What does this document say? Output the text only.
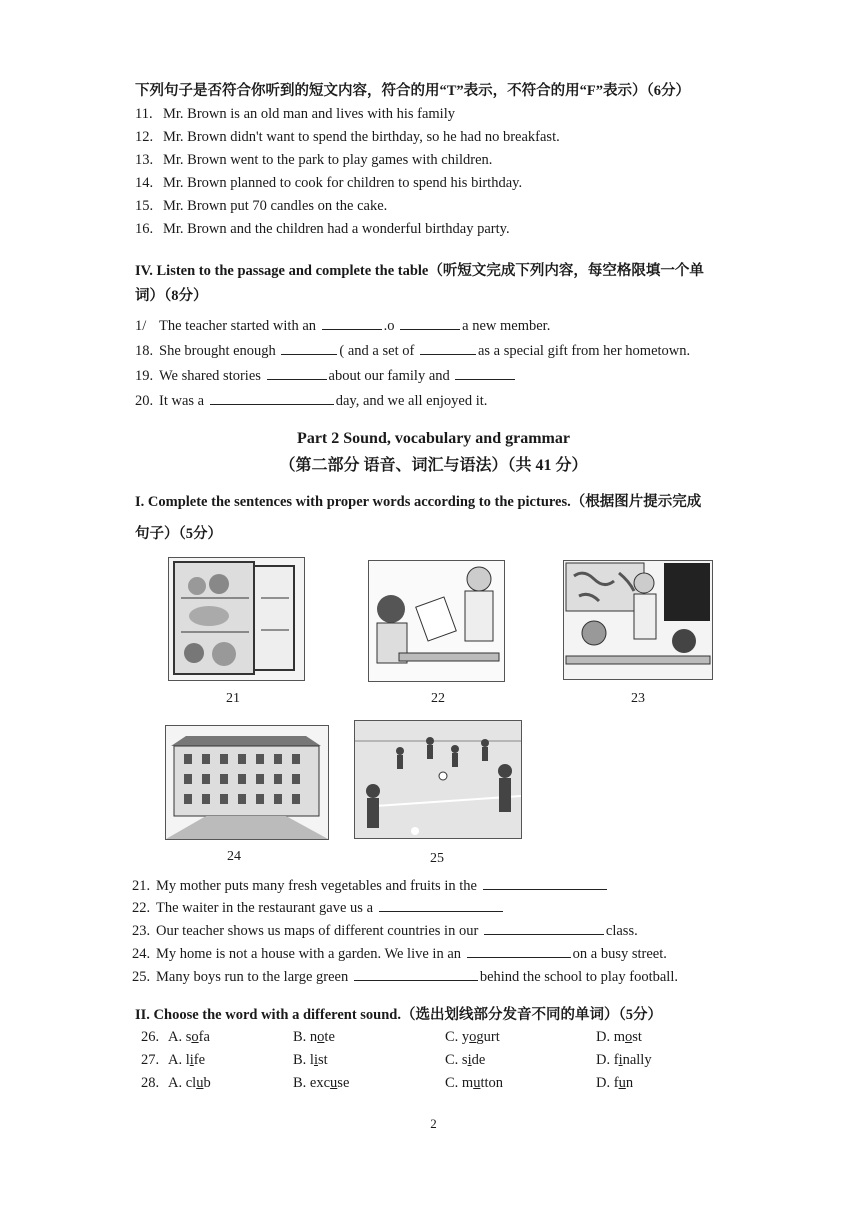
下列句子是否符合你听到的短文内容，符合的用“T”表示，不符合的用“F”表示）（6分）
11. Mr. Brown is an old man and lives with his family
12. Mr. Brown didn't want to spend the birthday, so he had no breakfast.
13. Mr. Brown went to the park to play games with children.
14. Mr. Brown planned to cook for children to spend his birthday.
15. Mr. Brown put 70 candles on the cake.
16. Mr. Brown and the children had a wonderful birthday party.
IV. Listen to the passage and complete the table（听短文完成下列内容，每空格限填一个单
词）（8分）
1/ The teacher started with an	.o	a new member.
18. She brought enough	( and a set of	as a special gift from her hometown.
19. We shared stories	about our family and
20. It was a	day, and we all enjoyed it.
Part 2 Sound, vocabulary and grammar
（第二部分 语音、词汇与语法）（共 41 分）
I. Complete the sentences with proper words according to the pictures.（根据图片提示完成
句子）（5分）
21	22	23
24	25
21. My mother puts many fresh vegetables and fruits in the
22. The waiter in the restaurant gave us a
23. Our teacher shows us maps of different countries in our	class.
24. My home is not a house with a garden. We live in an	on a busy street.
25. Many boys run to the large green	behind the school to play football.
II. Choose the word with a different sound.（选出划线部分发音不同的单词）（5分）
26. A. sofa	B. note	C. yogurt	D. most
27. A. life	B. list	C. side	D. finally
28. A. club	B. excuse	C. mutton	D. fun
2
